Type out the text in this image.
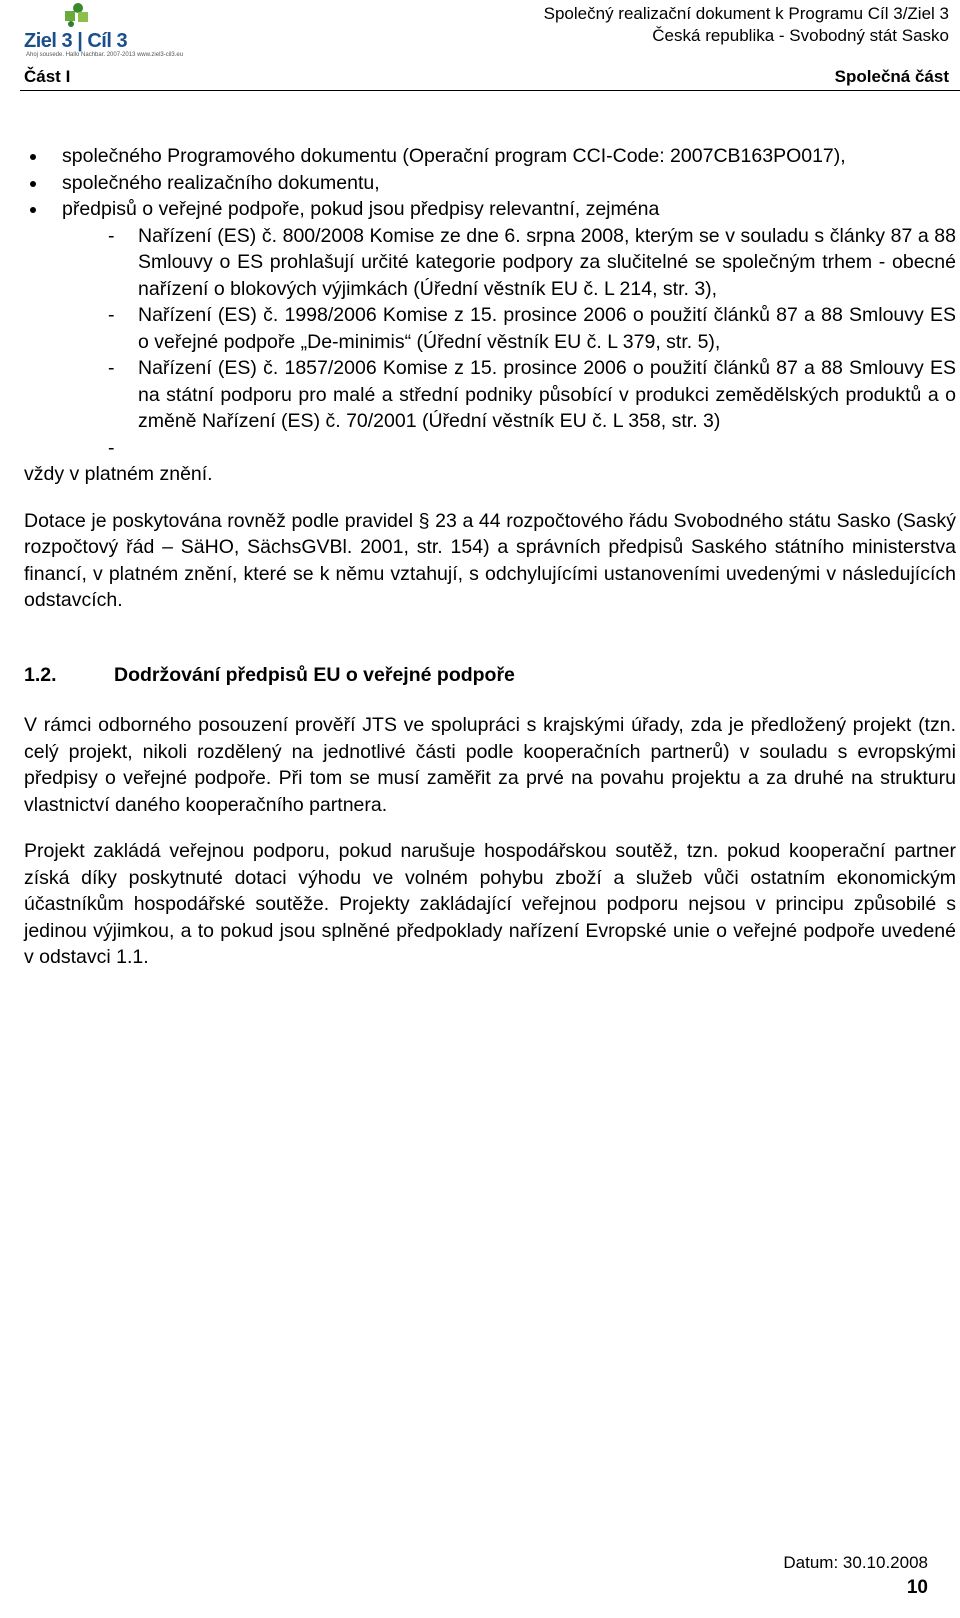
Ziel 3 | Cíl 3
Ahoj sousede. Hallo Nachbar. 2007-2013 www.ziel3-cil3.eu
Společný realizační dokument k Programu Cíl 3/Ziel 3
Česká republika - Svobodný stát Sasko
Část I	Společná část
společného Programového dokumentu (Operační program CCI-Code: 2007CB163PO017),
společného realizačního dokumentu,
předpisů o veřejné podpoře, pokud jsou předpisy relevantní, zejména
- Nařízení (ES) č. 800/2008 Komise ze dne 6. srpna 2008, kterým se v souladu s články 87 a 88 Smlouvy o ES prohlašují určité kategorie podpory za slučitelné se společným trhem - obecné nařízení o blokových výjimkách (Úřední věstník EU č. L 214, str. 3),
- Nařízení (ES) č. 1998/2006 Komise z 15. prosince 2006 o použití článků 87 a 88 Smlouvy ES o veřejné podpoře „De-minimis“ (Úřední věstník EU č. L 379, str. 5),
- Nařízení (ES) č. 1857/2006 Komise z 15. prosince 2006 o použití článků 87 a 88 Smlouvy ES na státní podporu pro malé a střední podniky působící v produkci zemědělských produktů a o změně Nařízení (ES) č. 70/2001 (Úřední věstník EU č. L 358, str. 3)
-
vždy v platném znění.
Dotace je poskytována rovněž podle pravidel § 23 a 44 rozpočtového řádu Svobodného státu Sasko (Saský rozpočtový řád – SäHO, SächsGVBl. 2001, str. 154) a správních předpisů Saského státního ministerstva financí, v platném znění, které se k němu vztahují, s odchylujícími ustanoveními uvedenými v následujících odstavcích.
1.2.	Dodržování předpisů EU o veřejné podpoře
V rámci odborného posouzení prověří JTS ve spolupráci s krajskými úřady, zda je předložený projekt (tzn. celý projekt, nikoli rozdělený na jednotlivé části podle kooperačních partnerů) v souladu s evropskými předpisy o veřejné podpoře. Při tom se musí zaměřit za prvé na povahu projektu a za druhé na strukturu vlastnictví daného kooperačního partnera.
Projekt zakládá veřejnou podporu, pokud narušuje hospodářskou soutěž, tzn. pokud kooperační partner získá díky poskytnuté dotaci výhodu ve volném pohybu zboží a služeb vůči ostatním ekonomickým účastníkům hospodářské soutěže. Projekty zakládající veřejnou podporu nejsou v principu způsobilé s jedinou výjimkou, a to pokud jsou splněné předpoklady nařízení Evropské unie o veřejné podpoře uvedené v odstavci 1.1.
Datum: 30.10.2008
10
